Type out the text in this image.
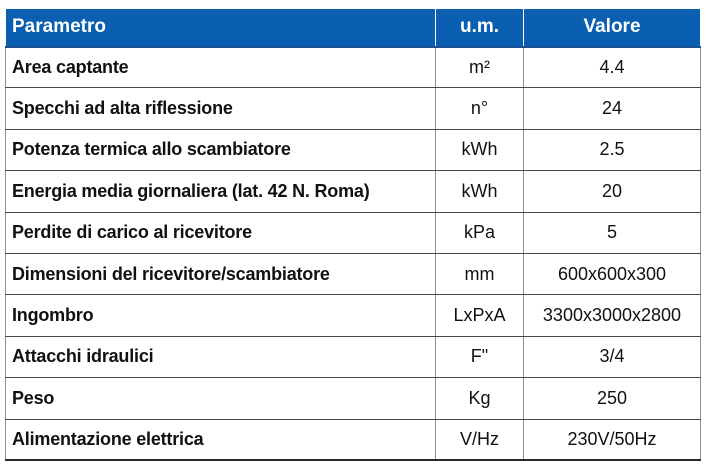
Parametro	u.m.	Valore
Area captante	m²	4.4
Specchi ad alta riflessione	n°	24
Potenza termica allo scambiatore	kWh	2.5
Energia media giornaliera (lat. 42 N. Roma)	kWh	20
Perdite di carico al ricevitore	kPa	5
Dimensioni del ricevitore/scambiatore	mm	600x600x300
Ingombro	LxPxA	3300x3000x2800
Attacchi idraulici	F"	3/4
Peso	Kg	250
Alimentazione elettrica	V/Hz	230V/50Hz
